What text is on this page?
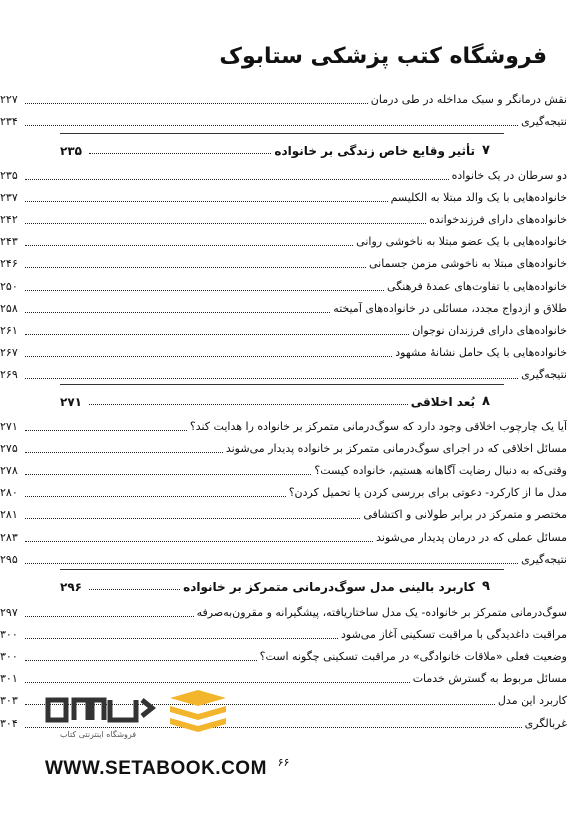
فروشگاه کتب پزشکی ستابوک
نقش درمانگر و سبک مداخله در طی درمان
۲۲۷
نتیجه‌گیری
۲۳۴
۷
تأثیر وقایع خاص زندگی بر خانواده
۲۳۵
دو سرطان در یک خانواده
۲۳۵
خانواده‌هایی با یک والد مبتلا به الکلیسم
۲۳۷
خانواده‌های دارای فرزندخوانده
۲۴۲
خانواده‌هایی با یک عضو مبتلا به ناخوشی روانی
۲۴۳
خانواده‌های مبتلا به ناخوشی مزمن جسمانی
۲۴۶
خانواده‌هایی با تفاوت‌های عمدهٔ فرهنگی
۲۵۰
طلاق و ازدواج مجدد، مسائلی در خانواده‌های آمیخته
۲۵۸
خانواده‌های دارای فرزندان نوجوان
۲۶۱
خانواده‌هایی با یک حامل نشانهٔ مشهود
۲۶۷
نتیجه‌گیری
۲۶۹
۸
بُعد اخلاقی
۲۷۱
آیا یک چارچوب اخلاقی وجود دارد که سوگ‌درمانی متمرکز بر خانواده را هدایت کند؟
۲۷۱
مسائل اخلاقی که در اجرای سوگ‌درمانی متمرکز بر خانواده پدیدار می‌شوند
۲۷۵
وقتی‌که به دنبال رضایت آگاهانه هستیم، خانواده کیست؟
۲۷۸
مدل ما از کارکرد- دعوتی برای بررسی کردن یا تحمیل کردن؟
۲۸۰
مختصر و متمرکز در برابر طولانی و اکتشافی
۲۸۱
مسائل عملی که در درمان پدیدار می‌شوند
۲۸۳
نتیجه‌گیری
۲۹۵
۹
کاربرد بالینی مدل سوگ‌درمانی متمرکز بر خانواده
۲۹۶
سوگ‌درمانی متمرکز بر خانواده- یک مدل ساختاریافته، پیشگیرانه و مقرون‌به‌صرفه
۲۹۷
مراقبت داغدیدگی با مراقبت تسکینی آغاز می‌شود
۳۰۰
وضعیت فعلی «ملاقات خانوادگی» در مراقبت تسکینی چگونه است؟
۳۰۰
مسائل مربوط به گسترش خدمات
۳۰۱
کاربرد این مدل
۳۰۳
غربالگری
۳۰۴
فروشگاه اینترنتی کتاب
WWW.SETABOOK.COM ۶۶
